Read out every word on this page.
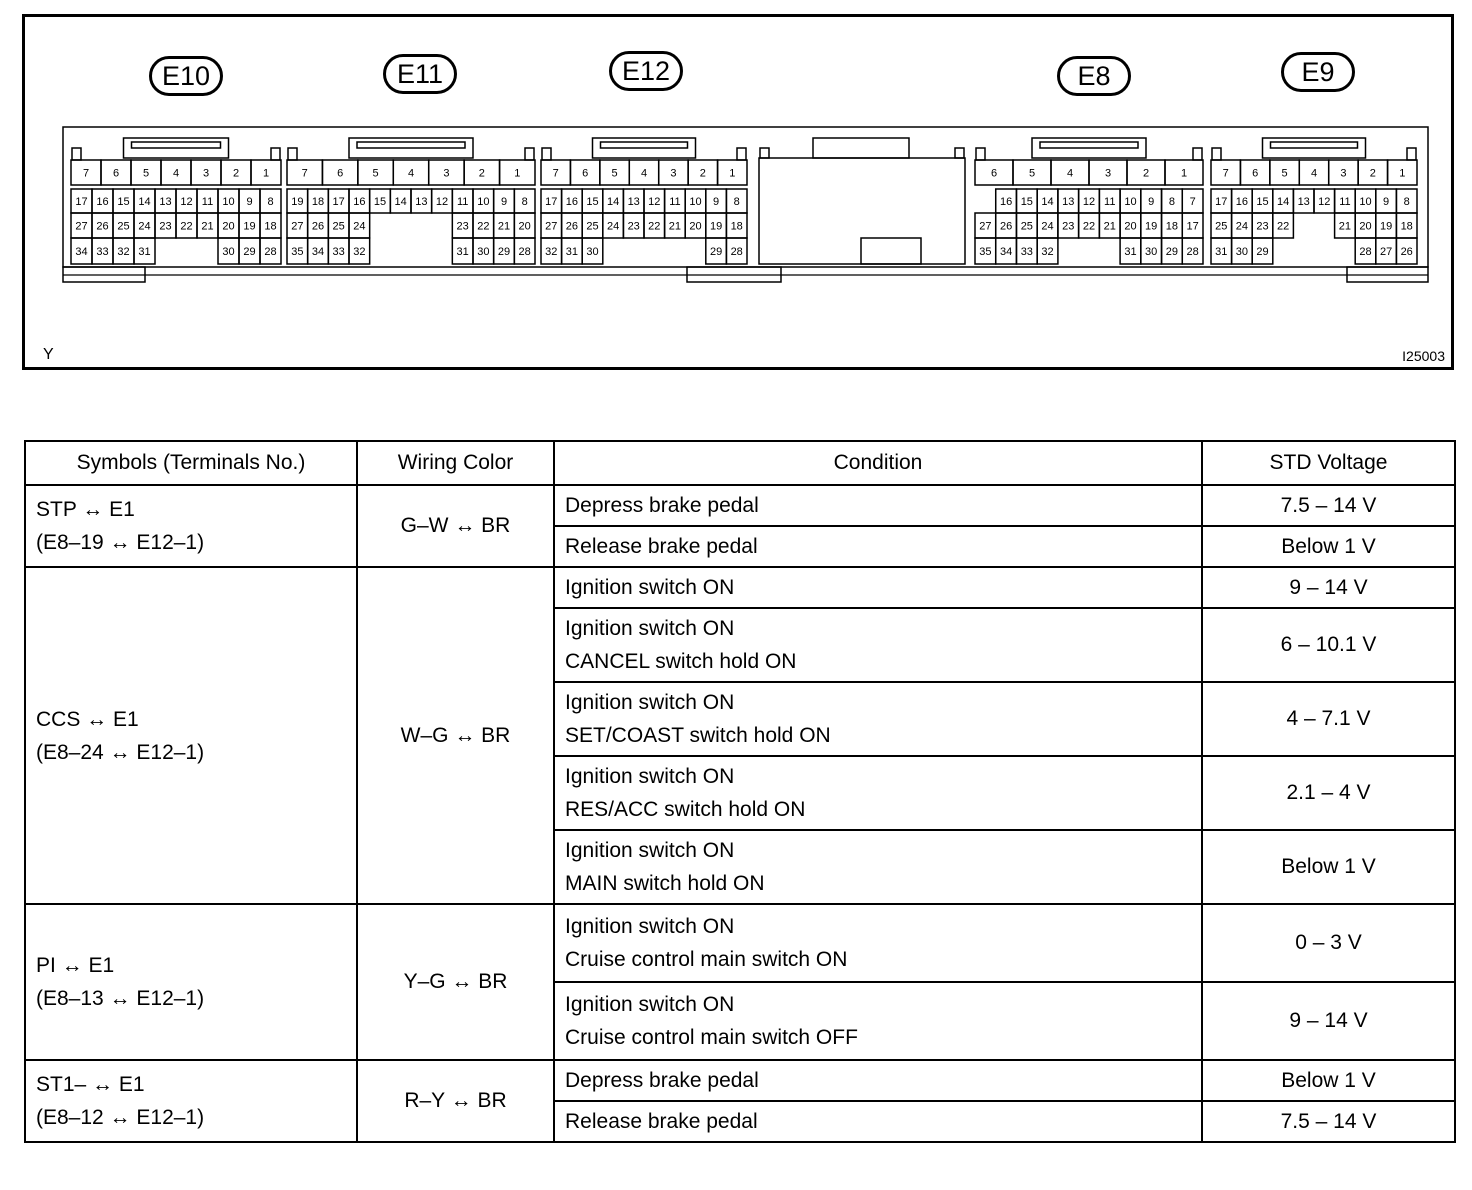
7 6 5 4 3 2 1
17 16 15 14 13 12 11 10 9 8
27 26 25 24 23 22 21 20 19 18
34 33 32 31	30 29 28
7	6	5	4	3	2	1
19 18 17 16 15 14 13 12 11 10 9 8
27 26 25 24	23 22 21 20
35 34 33 32	31 30 29 28
7 6 5 4 3 2 1
17 16 15 14 13 12 11 10 9 8
27 26 25 24 23 22 21 20 19 18
32 31 30	29 28
6	5	4	3	2	1
16 15 14 13 12 11 10 9 8 7
27 26 25 24 23 22 21 20 19 18 17
35 34 33 32	31 30 29 28
7 6 5 4 3 2 1
17 16 15 14 13 12 11 10 9 8
25 24 23 22	21 20 19 18
31 30 29	28 27 26
E10	E11	E12	E8	E9
Y	I25003
Symbols (Terminals No.)	Wiring Color	Condition	STD Voltage

STP ↔ E1
(E8–19 ↔ E12–1)	G–W ↔ BR	Depress brake pedal	7.5 – 14 V

		Release brake pedal	Below 1 V

CCS ↔ E1
(E8–24 ↔ E12–1)	W–G ↔ BR	Ignition switch ON	9 – 14 V

		Ignition switch ON
CANCEL switch hold ON	6 – 10.1 V

		Ignition switch ON
SET/COAST switch hold ON	4 – 7.1 V

		Ignition switch ON
RES/ACC switch hold ON	2.1 – 4 V

		Ignition switch ON
MAIN switch hold ON	Below 1 V

PI ↔ E1
(E8–13 ↔ E12–1)	Y–G ↔ BR	Ignition switch ON
Cruise control main switch ON	0 – 3 V

		Ignition switch ON
Cruise control main switch OFF	9 – 14 V

ST1– ↔ E1
(E8–12 ↔ E12–1)	R–Y ↔ BR	Depress brake pedal	Below 1 V

		Release brake pedal	7.5 – 14 V
